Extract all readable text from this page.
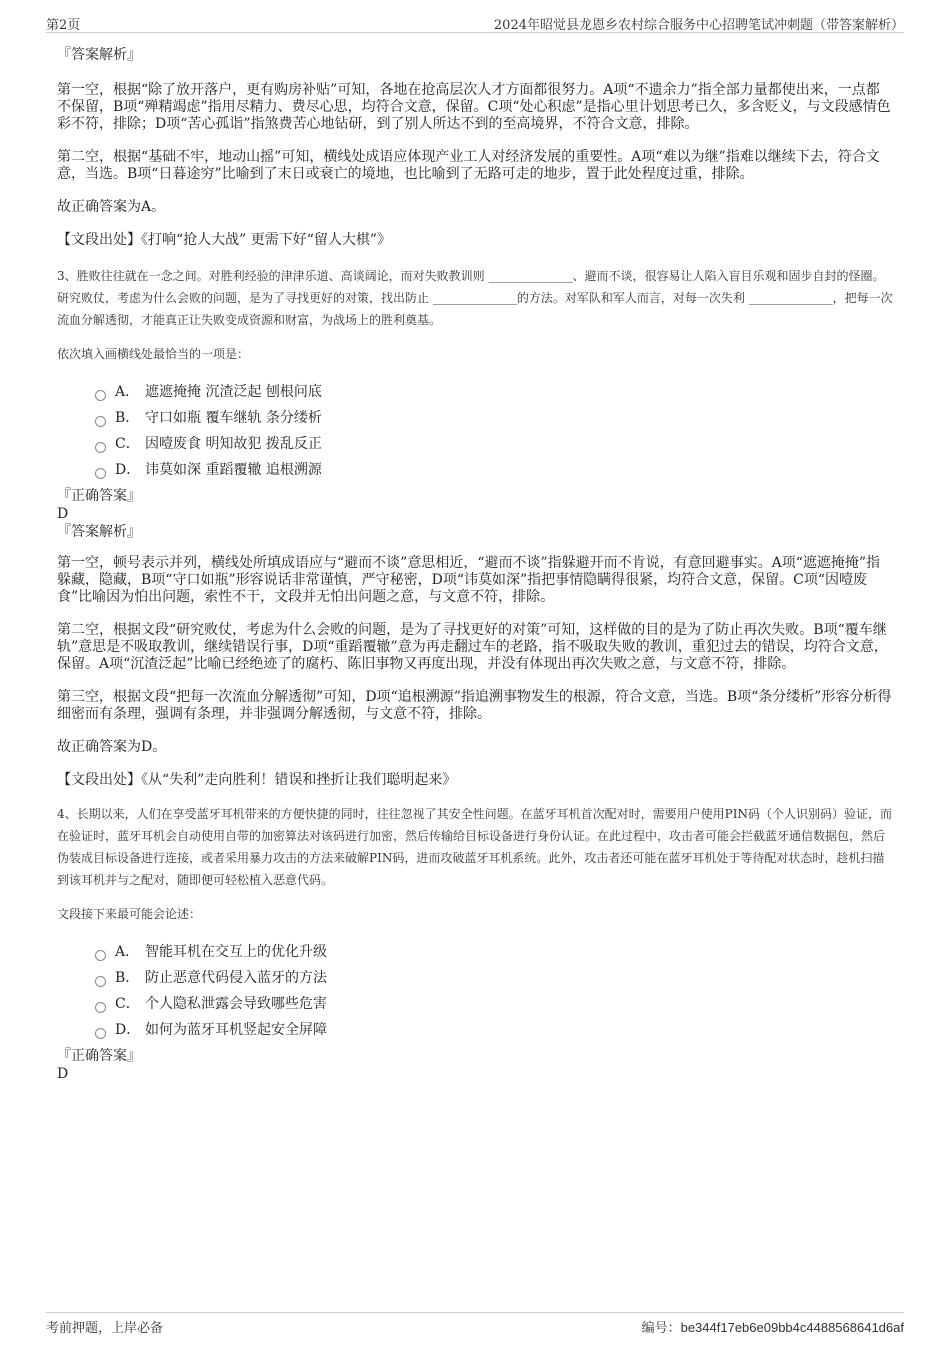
第2页	2024年昭觉县龙恩乡农村综合服务中心招聘笔试冲刺题（带答案解析）

『答案解析』

第一空，根据“除了放开落户，更有购房补贴”可知，各地在抢高层次人才方面都很努力。A项“不遗余力”指全部力量都使出来，一点都不保留，B项“殚精竭虑”指用尽精力、费尽心思，均符合文意，保留。C项“处心积虑”是指心里计划思考已久，多含贬义，与文段感情色彩不符，排除；D项“苦心孤诣”指煞费苦心地钻研，到了别人所达不到的至高境界，不符合文意，排除。

第二空，根据“基础不牢，地动山摇”可知，横线处成语应体现产业工人对经济发展的重要性。A项“难以为继”指难以继续下去，符合文意，当选。B项“日暮途穷”比喻到了末日或衰亡的境地，也比喻到了无路可走的地步，置于此处程度过重，排除。

故正确答案为A。

【文段出处】《打响“抢人大战” 更需下好“留人大棋”》

3、胜败往往就在一念之间。对胜利经验的津津乐道、高谈阔论，而对失败教训则 ______________、避而不谈，很容易让人陷入盲目乐观和固步自封的怪圈。研究败仗，考虑为什么会败的问题，是为了寻找更好的对策，找出防止 ______________的方法。对军队和军人而言，对每一次失利 ______________，把每一次流血分解透彻，才能真正让失败变成资源和财富，为战场上的胜利奠基。

依次填入画横线处最恰当的一项是：

A． 遮遮掩掩 沉渣泛起 刨根问底
B． 守口如瓶 覆车继轨 条分缕析
C． 因噎废食 明知故犯 拨乱反正
D． 讳莫如深 重蹈覆辙 追根溯源

『正确答案』

D

『答案解析』

第一空，顿号表示并列，横线处所填成语应与“避而不谈”意思相近，“避而不谈”指躲避开而不肯说，有意回避事实。A项“遮遮掩掩”指躲藏，隐藏，B项“守口如瓶”形容说话非常谨慎，严守秘密，D项“讳莫如深”指把事情隐瞒得很紧，均符合文意，保留。C项“因噎废食”比喻因为怕出问题，索性不干，文段并无怕出问题之意，与文意不符，排除。

第二空，根据文段“研究败仗，考虑为什么会败的问题，是为了寻找更好的对策”可知，这样做的目的是为了防止再次失败。B项“覆车继轨”意思是不吸取教训，继续错误行事，D项“重蹈覆辙”意为再走翻过车的老路，指不吸取失败的教训，重犯过去的错误，均符合文意，保留。A项“沉渣泛起”比喻已经绝迹了的腐朽、陈旧事物又再度出现，并没有体现出再次失败之意，与文意不符，排除。

第三空，根据文段“把每一次流血分解透彻”可知，D项“追根溯源”指追溯事物发生的根源，符合文意，当选。B项“条分缕析”形容分析得细密而有条理，强调有条理，并非强调分解透彻，与文意不符，排除。

故正确答案为D。

【文段出处】《从“失利”走向胜利！错误和挫折让我们聪明起来》

4、长期以来，人们在享受蓝牙耳机带来的方便快捷的同时，往往忽视了其安全性问题。在蓝牙耳机首次配对时，需要用户使用PIN码（个人识别码）验证，而在验证时，蓝牙耳机会自动使用自带的加密算法对该码进行加密，然后传输给目标设备进行身份认证。在此过程中，攻击者可能会拦截蓝牙通信数据包，然后伪装成目标设备进行连接，或者采用暴力攻击的方法来破解PIN码，进而攻破蓝牙耳机系统。此外，攻击者还可能在蓝牙耳机处于等待配对状态时，趁机扫描到该耳机并与之配对，随即便可轻松植入恶意代码。

文段接下来最可能会论述：

A． 智能耳机在交互上的优化升级
B． 防止恶意代码侵入蓝牙的方法
C． 个人隐私泄露会导致哪些危害
D． 如何为蓝牙耳机竖起安全屏障

『正确答案』

D

考前押题，上岸必备	编号：be344f17eb6e09bb4c4488568641d6af
